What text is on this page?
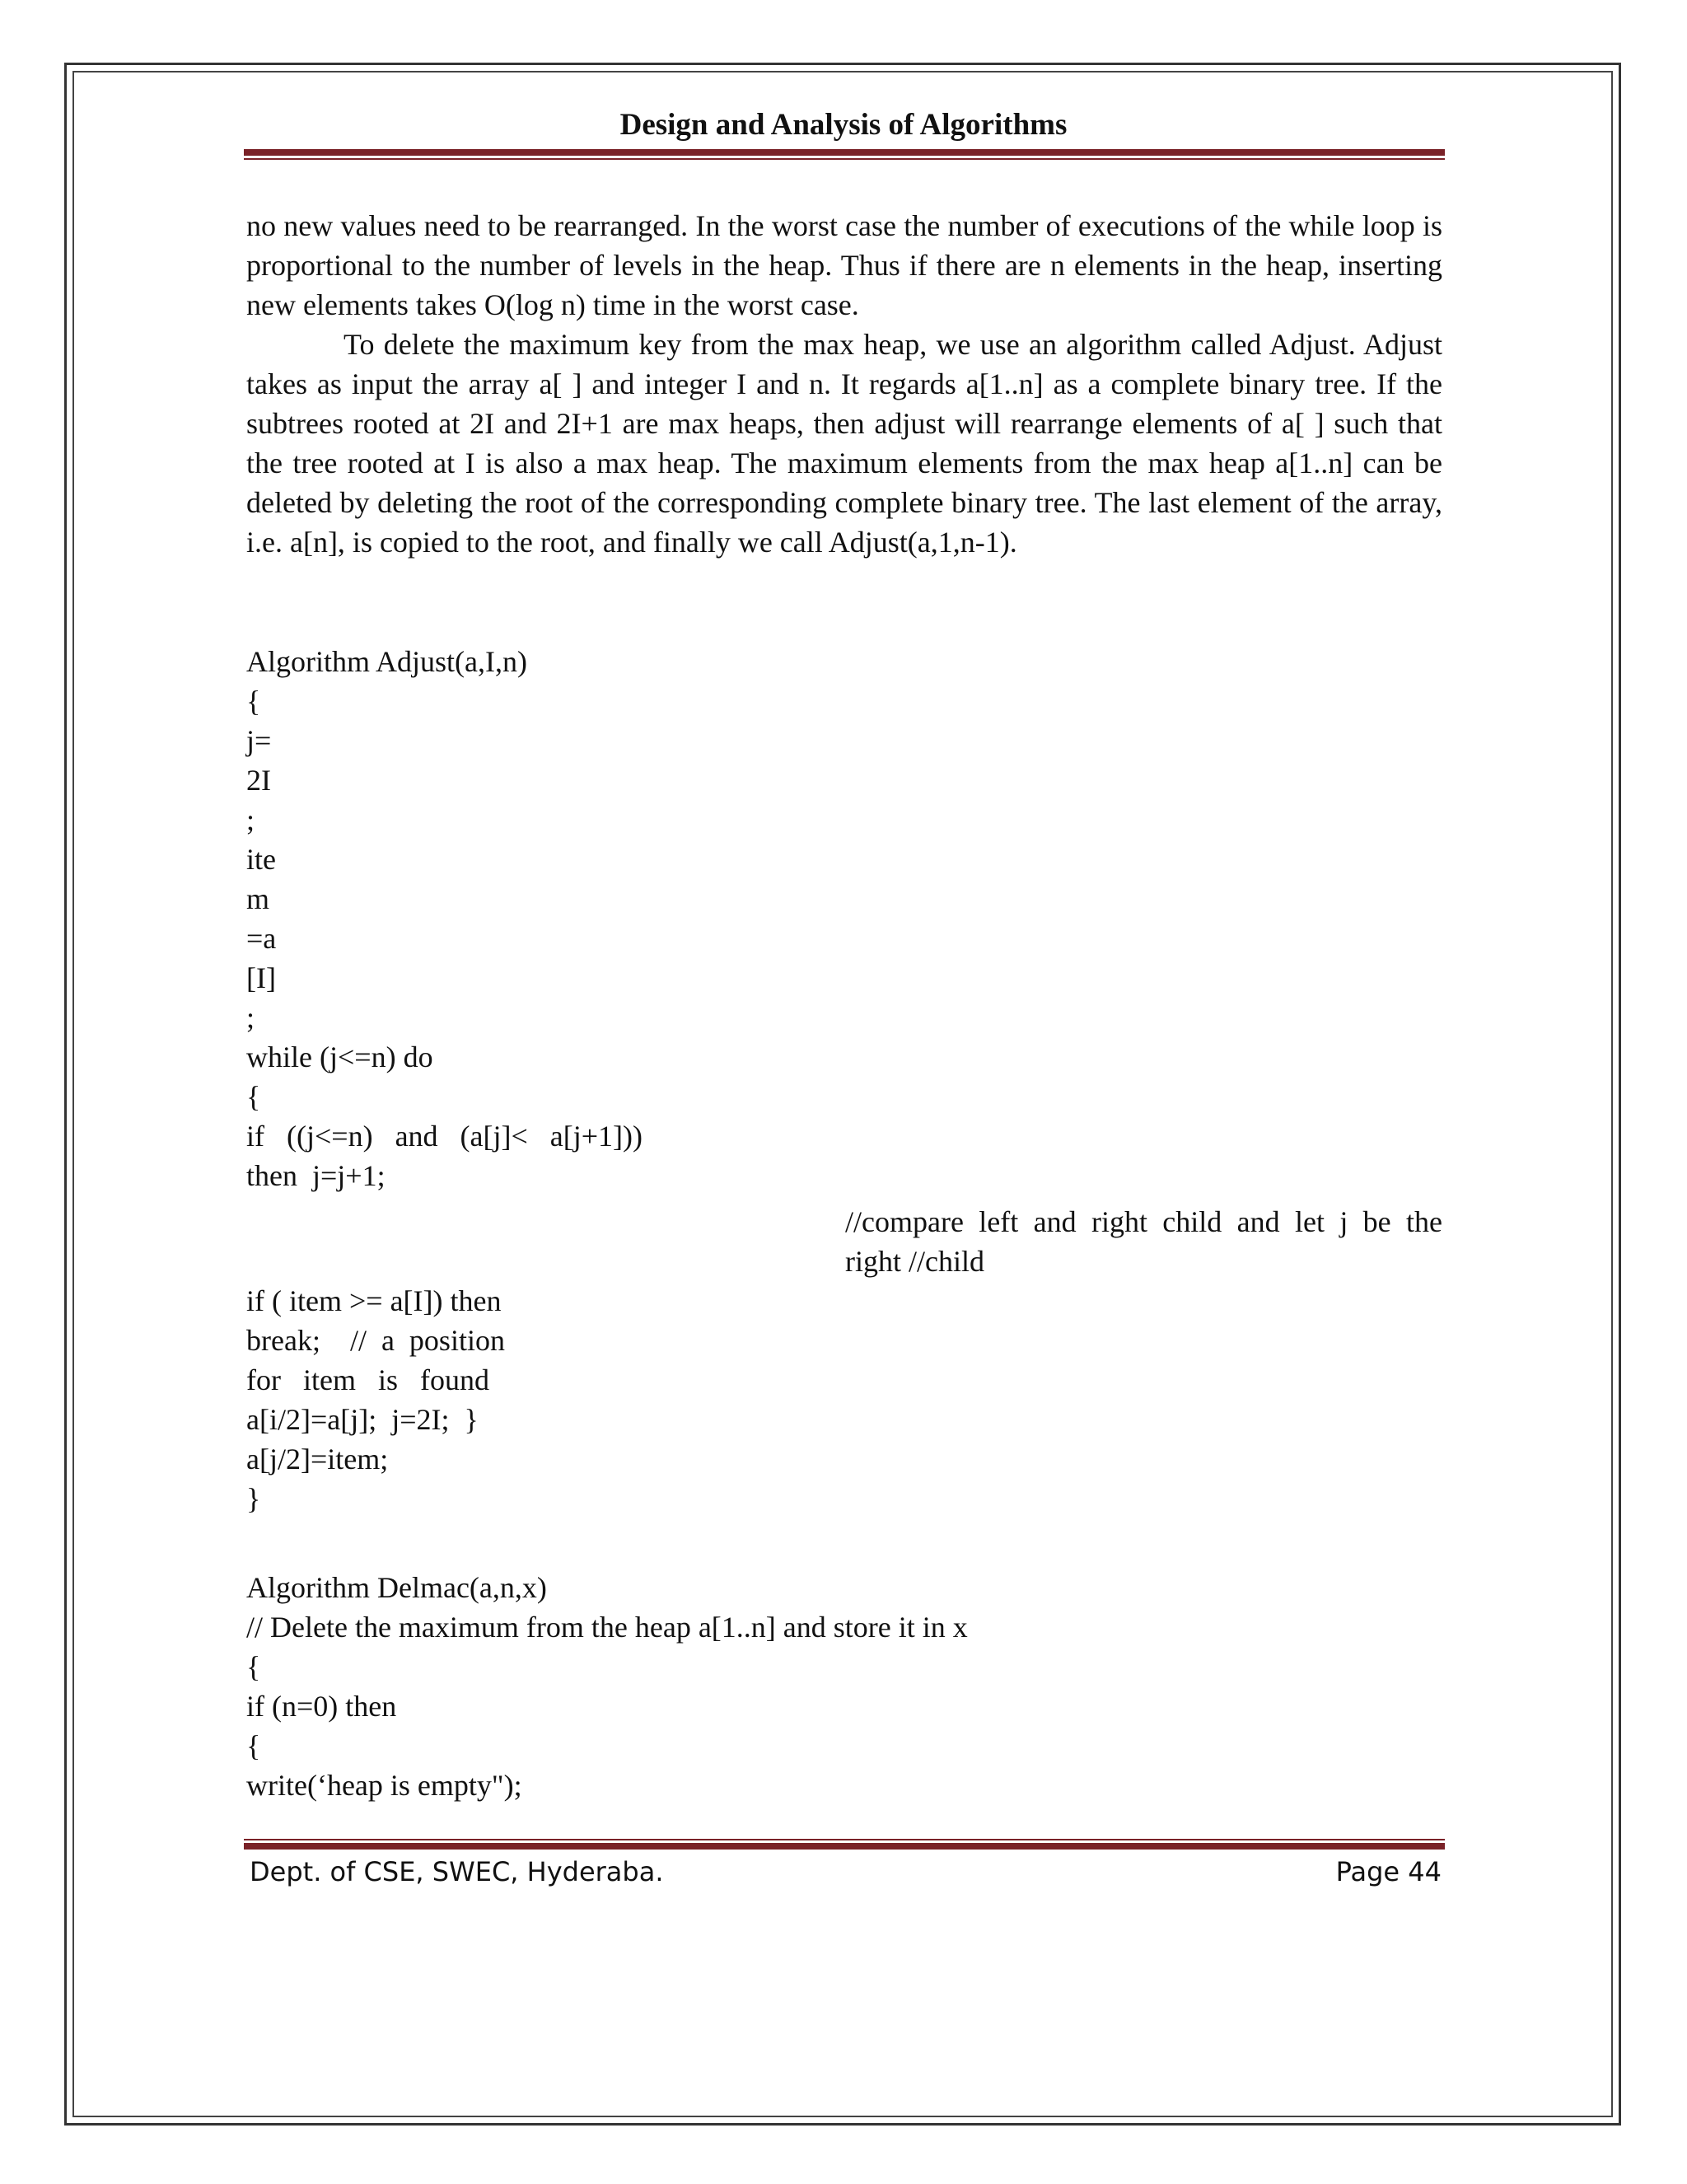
Design and Analysis of Algorithms

no new values need to be rearranged. In the worst case the number of executions of the while loop is proportional to the number of levels in the heap. Thus if there are n elements in the heap, inserting new elements takes O(log n) time in the worst case.

To delete the maximum key from the max heap, we use an algorithm called Adjust. Adjust takes as input the array a[ ] and integer I and n. It regards a[1..n] as a complete binary tree. If the subtrees rooted at 2I and 2I+1 are max heaps, then adjust will rearrange elements of a[ ] such that the tree rooted at I is also a max heap. The maximum elements from the max heap a[1..n] can be deleted by deleting the root of the corresponding complete binary tree. The last element of the array, i.e. a[n], is copied to the root, and finally we call Adjust(a,1,n-1).

Algorithm Adjust(a,I,n)
{
j=
2I
;
ite
m
=a
[I]
;
while (j<=n) do
{
if   ((j<=n)   and   (a[j]<   a[j+1]))
then  j=j+1;
//compare left and right child and let j be the
right //child
if ( item >= a[I]) then
break;    //  a  position
for   item   is   found
a[i/2]=a[j];  j=2I;  }
a[j/2]=item;
}
Algorithm Delmac(a,n,x)
// Delete the maximum from the heap a[1..n] and store it in x
{
if (n=0) then
{
write(‘heap is empty");
Dept. of CSE, SWEC, Hyderaba.	Page 44
